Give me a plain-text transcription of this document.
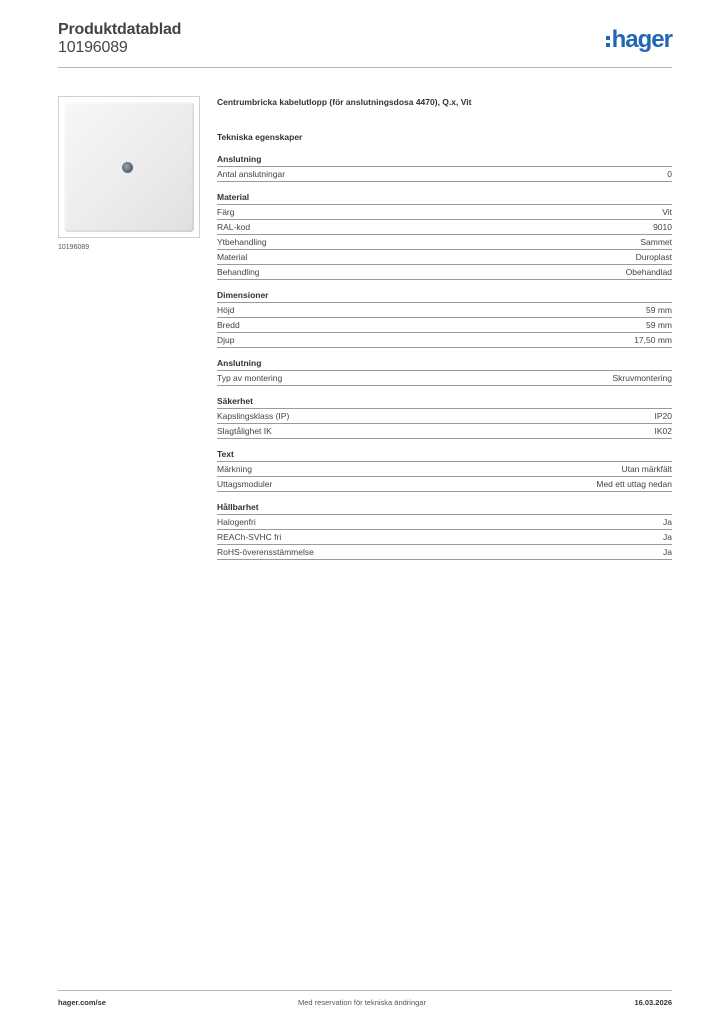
Produktdatablad
10196089	hager
10196089
Centrumbricka kabelutlopp (för anslutningsdosa 4470), Q.x, Vit
Tekniska egenskaper
Anslutning
Antal anslutningar	0
Material
Färg	Vit
RAL-kod	9010
Ytbehandling	Sammet
Material	Duroplast
Behandling	Obehandlad
Dimensioner
Höjd	59 mm
Bredd	59 mm
Djup	17,50 mm
Anslutning
Typ av montering	Skruvmontering
Säkerhet
Kapslingsklass (IP)	IP20
Slagtålighet IK	IK02
Text
Märkning	Utan märkfält
Uttagsmoduler	Med ett uttag nedan
Hållbarhet
Halogenfri	Ja
REACh-SVHC fri	Ja
RoHS-överensstämmelse	Ja
hager.com/se	Med reservation för tekniska ändringar	16.03.2026
